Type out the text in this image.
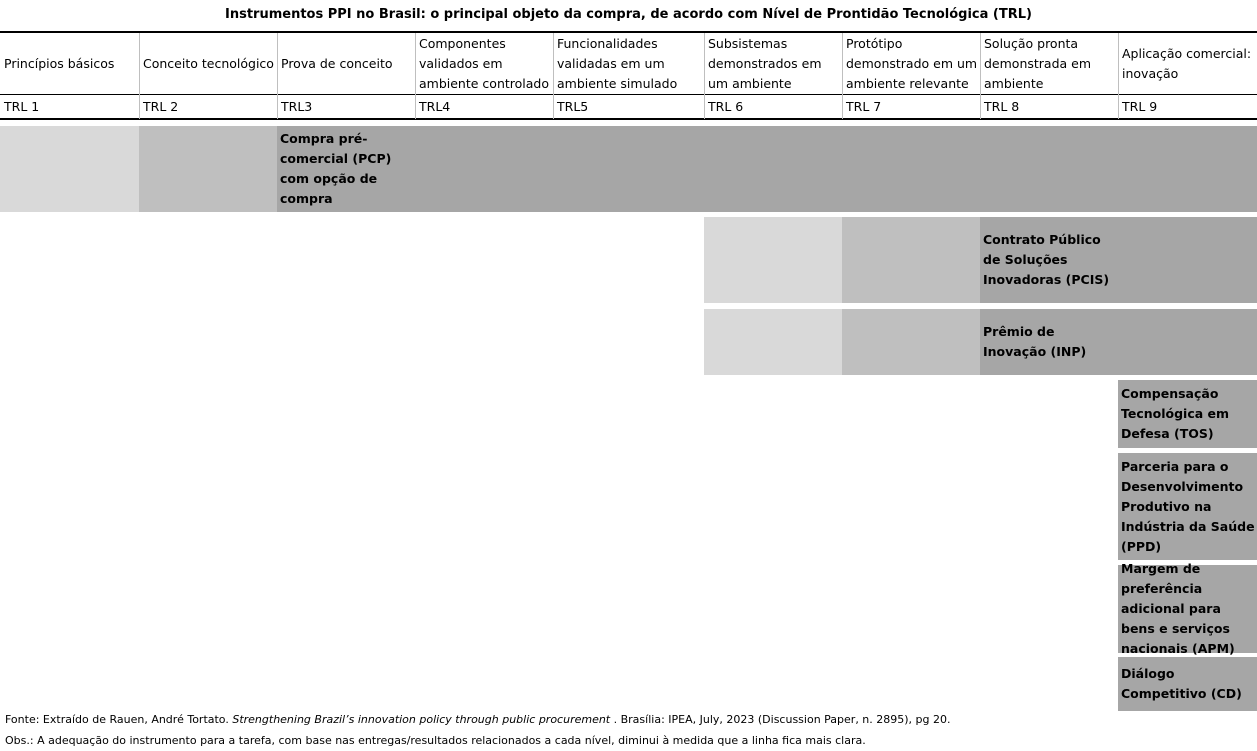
Instrumentos PPI no Brasil: o principal objeto da compra, de acordo com Nível de Prontidão Tecnológica (TRL)
Princípios básicos
TRL 1
Conceito tecnológico
TRL 2
Prova de conceito
TRL3
Componentes validados em ambiente controlado
TRL4
Funcionalidades validadas em um ambiente simulado
TRL5
Subsistemas demonstrados em um ambiente
TRL 6
Protótipo demonstrado em um ambiente relevante
TRL 7
Solução pronta demonstrada em ambiente
TRL 8
Aplicação comercial: inovação
TRL 9
Compra pré-comercial (PCP) com opção de compra
Contrato Público de Soluções Inovadoras (PCIS)
Prêmio de Inovação (INP)
Compensação Tecnológica em Defesa (TOS)
Parceria para o Desenvolvimento Produtivo na Indústria da Saúde (PPD)
Margem de preferência adicional para bens e serviços nacionais (APM)
Diálogo Competitivo (CD)
Fonte: Extraído de Rauen, André Tortato. Strengthening Brazil’s innovation policy through public procurement . Brasília: IPEA, July, 2023 (Discussion Paper, n. 2895), pg 20.
Obs.: A adequação do instrumento para a tarefa, com base nas entregas/resultados relacionados a cada nível, diminui à medida que a linha fica mais clara.
